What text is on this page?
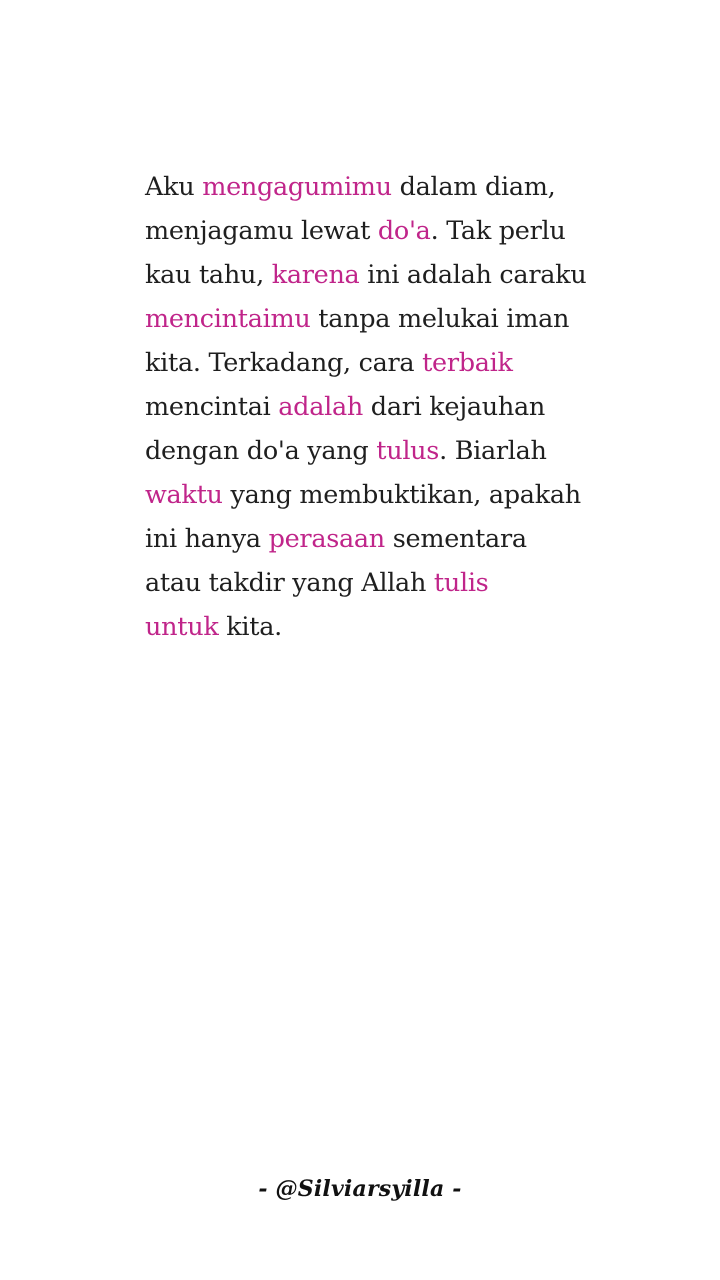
Aku mengagumimu dalam diam,
menjagamu lewat do'a. Tak perlu
kau tahu, karena ini adalah caraku
mencintaimu tanpa melukai iman
kita. Terkadang, cara terbaik
mencintai adalah dari kejauhan
dengan do'a yang tulus. Biarlah
waktu yang membuktikan, apakah
ini hanya perasaan sementara
atau takdir yang Allah tulis
untuk kita.

- @Silviarsyilla -
